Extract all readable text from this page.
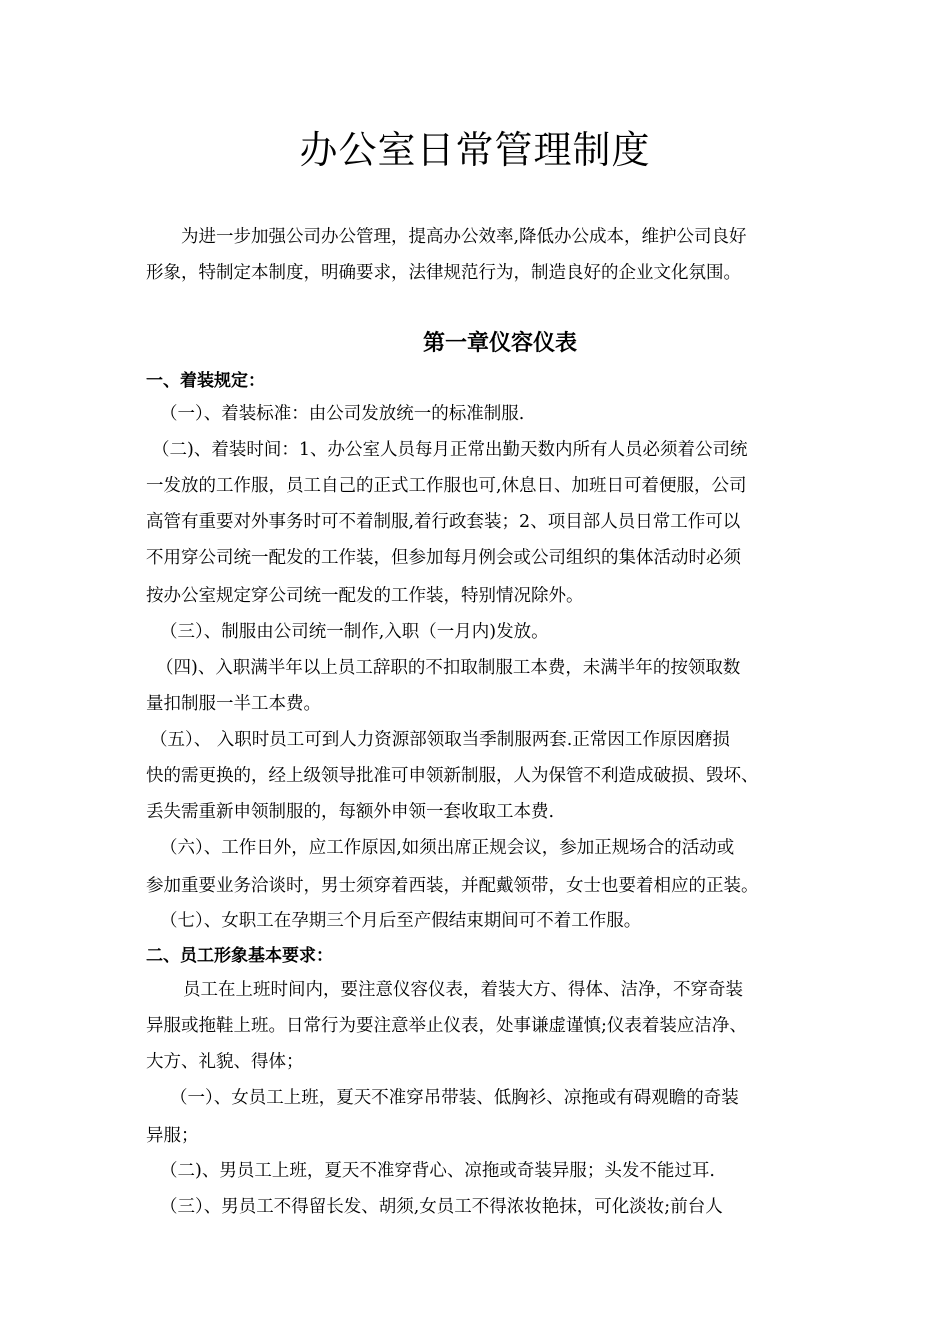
办公室日常管理制度

为进一步加强公司办公管理，提高办公效率,降低办公成本，维护公司良好

形象，特制定本制度，明确要求，法律规范行为，制造良好的企业文化氛围。

第一章仪容仪表

一、着装规定：

（一）、着装标准：由公司发放统一的标准制服.

（二)、着装时间：1、办公室人员每月正常出勤天数内所有人员必须着公司统

一发放的工作服，员工自己的正式工作服也可,休息日、加班日可着便服，公司

高管有重要对外事务时可不着制服,着行政套装；2、项目部人员日常工作可以

不用穿公司统一配发的工作装，但参加每月例会或公司组织的集体活动时必须

按办公室规定穿公司统一配发的工作装，特别情况除外。

（三）、制服由公司统一制作,入职（一月内)发放。

（四)、入职满半年以上员工辞职的不扣取制服工本费，未满半年的按领取数

量扣制服一半工本费。

（五）、 入职时员工可到人力资源部领取当季制服两套.正常因工作原因磨损

快的需更换的，经上级领导批准可申领新制服，人为保管不利造成破损、毁坏、

丢失需重新申领制服的，每额外申领一套收取工本费.

（六）、工作日外，应工作原因,如须出席正规会议，参加正规场合的活动或

参加重要业务洽谈时，男士须穿着西装，并配戴领带，女士也要着相应的正装。

（七）、女职工在孕期三个月后至产假结束期间可不着工作服。

二、员工形象基本要求：

员工在上班时间内，要注意仪容仪表，着装大方、得体、洁净，不穿奇装

异服或拖鞋上班。日常行为要注意举止仪表，处事谦虚谨慎;仪表着装应洁净、

大方、礼貌、得体；

（一）、女员工上班，夏天不准穿吊带装、低胸衫、凉拖或有碍观瞻的奇装

异服；

（二)、男员工上班，夏天不准穿背心、凉拖或奇装异服；头发不能过耳.

（三）、男员工不得留长发、胡须,女员工不得浓妆艳抹，可化淡妆;前台人
